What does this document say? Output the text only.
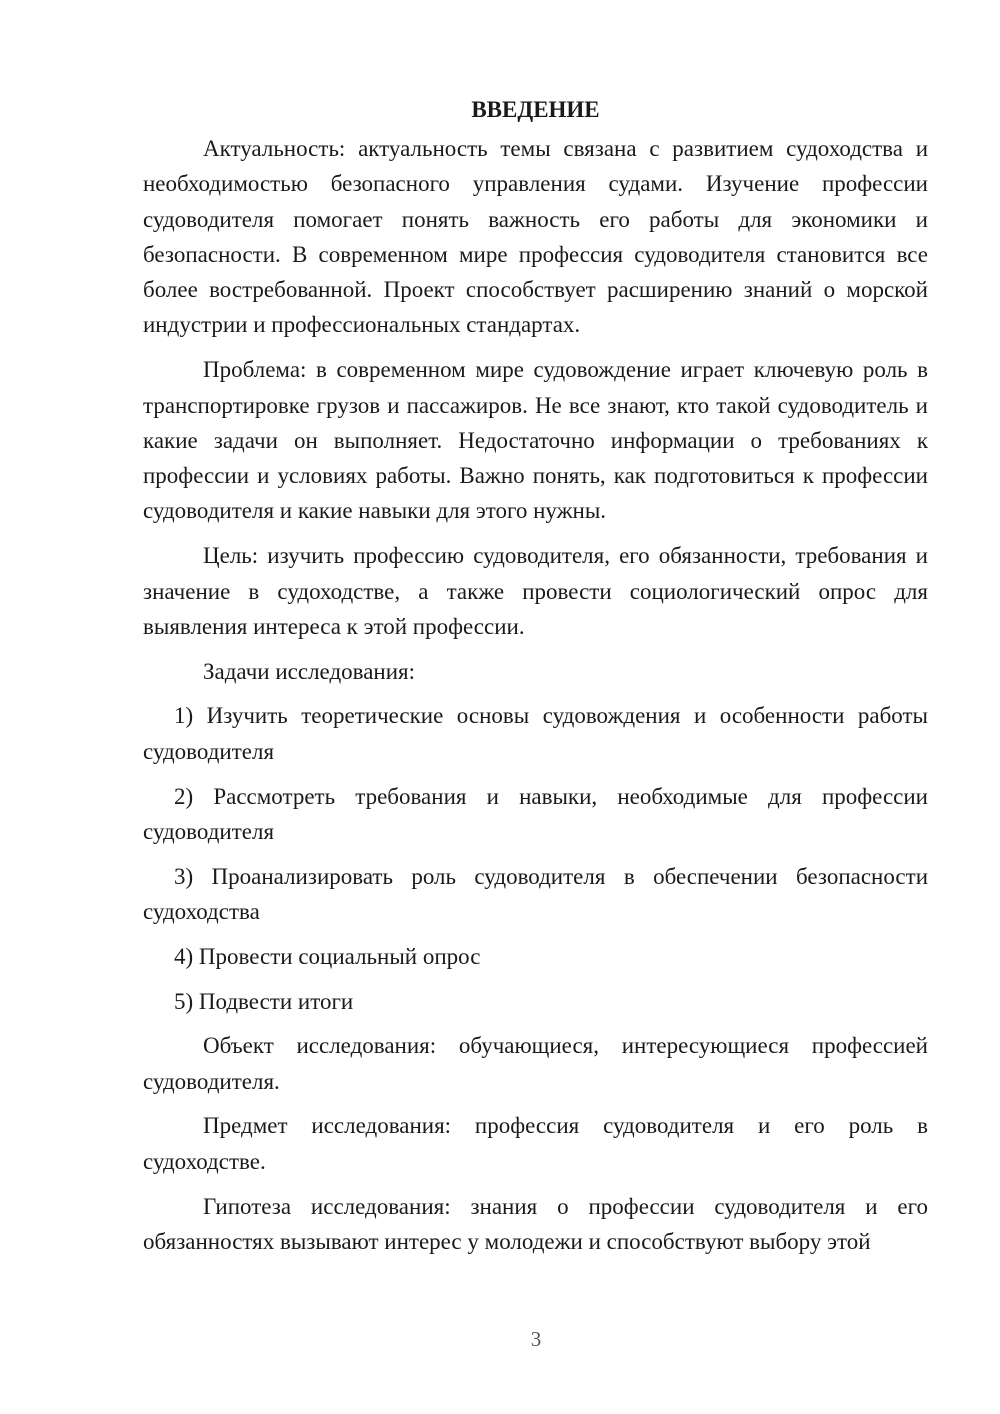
ВВЕДЕНИЕ

Актуальность: актуальность темы связана с развитием судоходства и необходимостью безопасного управления судами. Изучение профессии судоводителя помогает понять важность его работы для экономики и безопасности. В современном мире профессия судоводителя становится все более востребованной. Проект способствует расширению знаний о морской индустрии и профессиональных стандартах.

Проблема: в современном мире судовождение играет ключевую роль в транспортировке грузов и пассажиров. Не все знают, кто такой судоводитель и какие задачи он выполняет. Недостаточно информации о требованиях к профессии и условиях работы. Важно понять, как подготовиться к профессии судоводителя и какие навыки для этого нужны.

Цель: изучить профессию судоводителя, его обязанности, требования и значение в судоходстве, а также провести социологический опрос для выявления интереса к этой профессии.

Задачи исследования:

1) Изучить теоретические основы судовождения и особенности работы судоводителя

2) Рассмотреть требования и навыки, необходимые для профессии судоводителя

3) Проанализировать роль судоводителя в обеспечении безопасности судоходства

4) Провести социальный опрос

5) Подвести итоги

Объект исследования: обучающиеся, интересующиеся профессией судоводителя.

Предмет исследования: профессия судоводителя и его роль в судоходстве.

Гипотеза исследования: знания о профессии судоводителя и его обязанностях вызывают интерес у молодежи и способствуют выбору этой

3
